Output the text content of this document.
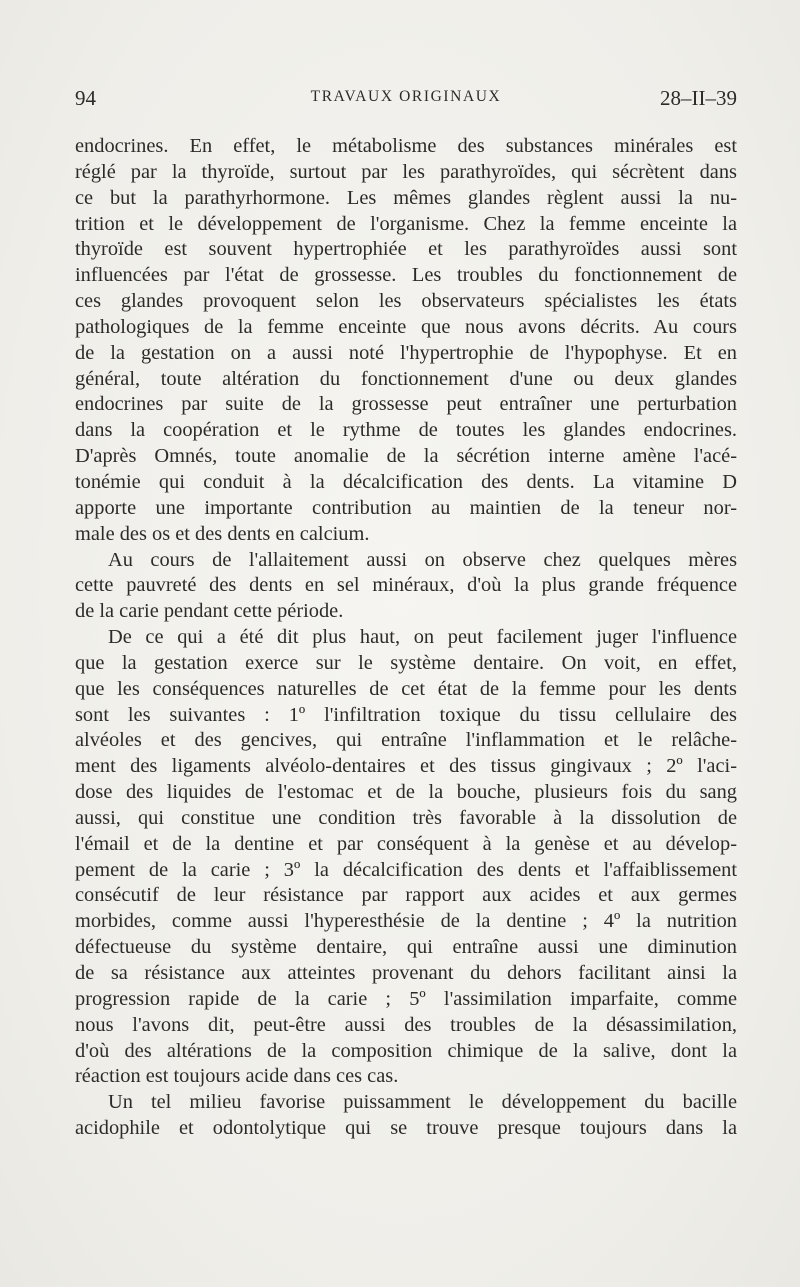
94	TRAVAUX ORIGINAUX	28–II–39
endocrines. En effet, le métabolisme des substances minérales est
réglé par la thyroïde, surtout par les parathyroïdes, qui sécrètent dans
ce but la parathyrhormone. Les mêmes glandes règlent aussi la nu-
trition et le développement de l'organisme. Chez la femme enceinte la
thyroïde est souvent hypertrophiée et les parathyroïdes aussi sont
influencées par l'état de grossesse. Les troubles du fonctionnement de
ces glandes provoquent selon les observateurs spécialistes les états
pathologiques de la femme enceinte que nous avons décrits. Au cours
de la gestation on a aussi noté l'hypertrophie de l'hypophyse. Et en
général, toute altération du fonctionnement d'une ou deux glandes
endocrines par suite de la grossesse peut entraîner une perturbation
dans la coopération et le rythme de toutes les glandes endocrines.
D'après Omnés, toute anomalie de la sécrétion interne amène l'acé-
tonémie qui conduit à la décalcification des dents. La vitamine D
apporte une importante contribution au maintien de la teneur nor-
male des os et des dents en calcium.
Au cours de l'allaitement aussi on observe chez quelques mères
cette pauvreté des dents en sel minéraux, d'où la plus grande fréquence
de la carie pendant cette période.
De ce qui a été dit plus haut, on peut facilement juger l'influence
que la gestation exerce sur le système dentaire. On voit, en effet,
que les conséquences naturelles de cet état de la femme pour les dents
sont les suivantes : 1º l'infiltration toxique du tissu cellulaire des
alvéoles et des gencives, qui entraîne l'inflammation et le relâche-
ment des ligaments alvéolo-dentaires et des tissus gingivaux ; 2º l'aci-
dose des liquides de l'estomac et de la bouche, plusieurs fois du sang
aussi, qui constitue une condition très favorable à la dissolution de
l'émail et de la dentine et par conséquent à la genèse et au dévelop-
pement de la carie ; 3º la décalcification des dents et l'affaiblissement
consécutif de leur résistance par rapport aux acides et aux germes
morbides, comme aussi l'hyperesthésie de la dentine ; 4º la nutrition
défectueuse du système dentaire, qui entraîne aussi une diminution
de sa résistance aux atteintes provenant du dehors facilitant ainsi la
progression rapide de la carie ; 5º l'assimilation imparfaite, comme
nous l'avons dit, peut-être aussi des troubles de la désassimilation,
d'où des altérations de la composition chimique de la salive, dont la
réaction est toujours acide dans ces cas.
Un tel milieu favorise puissamment le développement du bacille
acidophile et odontolytique qui se trouve presque toujours dans la
